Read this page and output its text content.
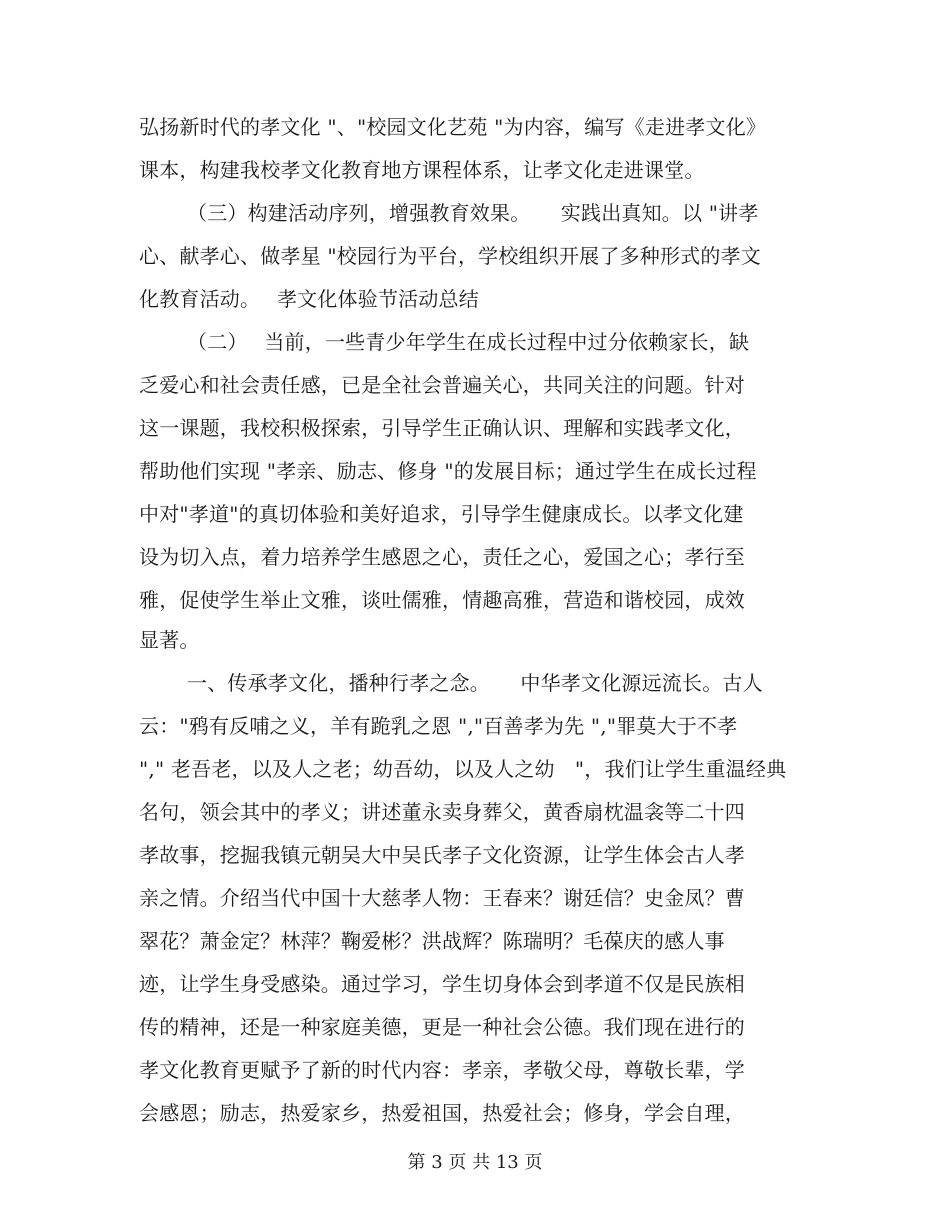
弘扬新时代的孝文化 "、"校园文化艺苑 "为内容，编写《走进孝文化》
课本，构建我校孝文化教育地方课程体系，让孝文化走进课堂。
（三）构建活动序列，增强教育效果。　　实践出真知。以 "讲孝
心、献孝心、做孝星 "校园行为平台，学校组织开展了多种形式的孝文
化教育活动。　 孝文化体验节活动总结
（二）　 当前，一些青少年学生在成长过程中过分依赖家长，缺
乏爱心和社会责任感，已是全社会普遍关心，共同关注的问题。针对
这一课题，我校积极探索，引导学生正确认识、理解和实践孝文化，
帮助他们实现 "孝亲、励志、修身 "的发展目标；通过学生在成长过程
中对"孝道"的真切体验和美好追求，引导学生健康成长。以孝文化建
设为切入点，着力培养学生感恩之心，责任之心，爱国之心；孝行至
雅，促使学生举止文雅，谈吐儒雅，情趣高雅，营造和谐校园，成效
显著。
一、传承孝文化，播种行孝之念。　　中华孝文化源远流长。古人
云："鸦有反哺之义，羊有跪乳之恩 ","百善孝为先 ","罪莫大于不孝
"," 老吾老，以及人之老；幼吾幼，以及人之幼　"，我们让学生重温经典
名句，领会其中的孝义；讲述董永卖身葬父，黄香扇枕温衾等二十四
孝故事，挖掘我镇元朝吴大中吴氏孝子文化资源，让学生体会古人孝
亲之情。介绍当代中国十大慈孝人物：王春来？谢廷信？史金凤？曹
翠花？萧金定？林萍？鞠爱彬？洪战辉？陈瑞明？毛葆庆的感人事
迹，让学生身受感染。通过学习，学生切身体会到孝道不仅是民族相
传的精神，还是一种家庭美德，更是一种社会公德。我们现在进行的
孝文化教育更赋予了新的时代内容：孝亲，孝敬父母，尊敬长辈，学
会感恩；励志，热爱家乡，热爱祖国，热爱社会；修身，学会自理，
第 3 页 共 13 页
